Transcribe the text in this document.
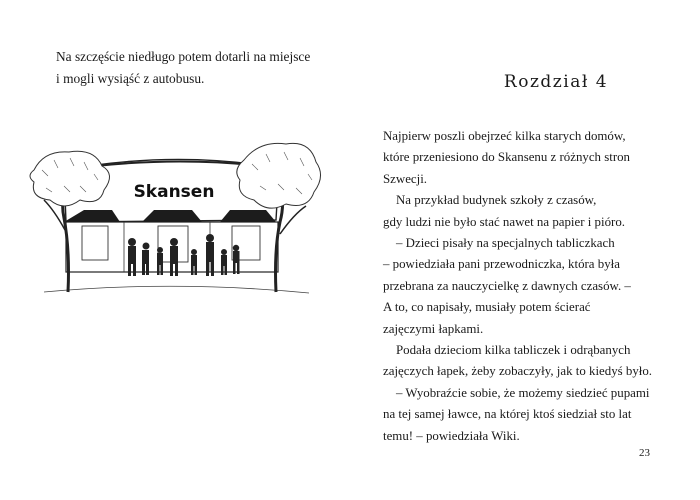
Na szczęście niedługo potem dotarli na miejsce

i mogli wysiąść z autobusu.

Skansen
Rozdział 4
Najpierw poszli obejrzeć kilka starych domów,
które przeniesiono do Skansenu z różnych stron
Szwecji.
Na przykład budynek szkoły z czasów,
gdy ludzi nie było stać nawet na papier i pióro.
– Dzieci pisały na specjalnych tabliczkach
– powiedziała pani przewodniczka, która była
przebrana za nauczycielkę z dawnych czasów. –
A to, co napisały, musiały potem ścierać
zajęczymi łapkami.
Podała dzieciom kilka tabliczek i odrąbanych
zajęczych łapek, żeby zobaczyły, jak to kiedyś było.
– Wyobraźcie sobie, że możemy siedzieć pupami
na tej samej ławce, na której ktoś siedział sto lat
temu! – powiedziała Wiki.
23
